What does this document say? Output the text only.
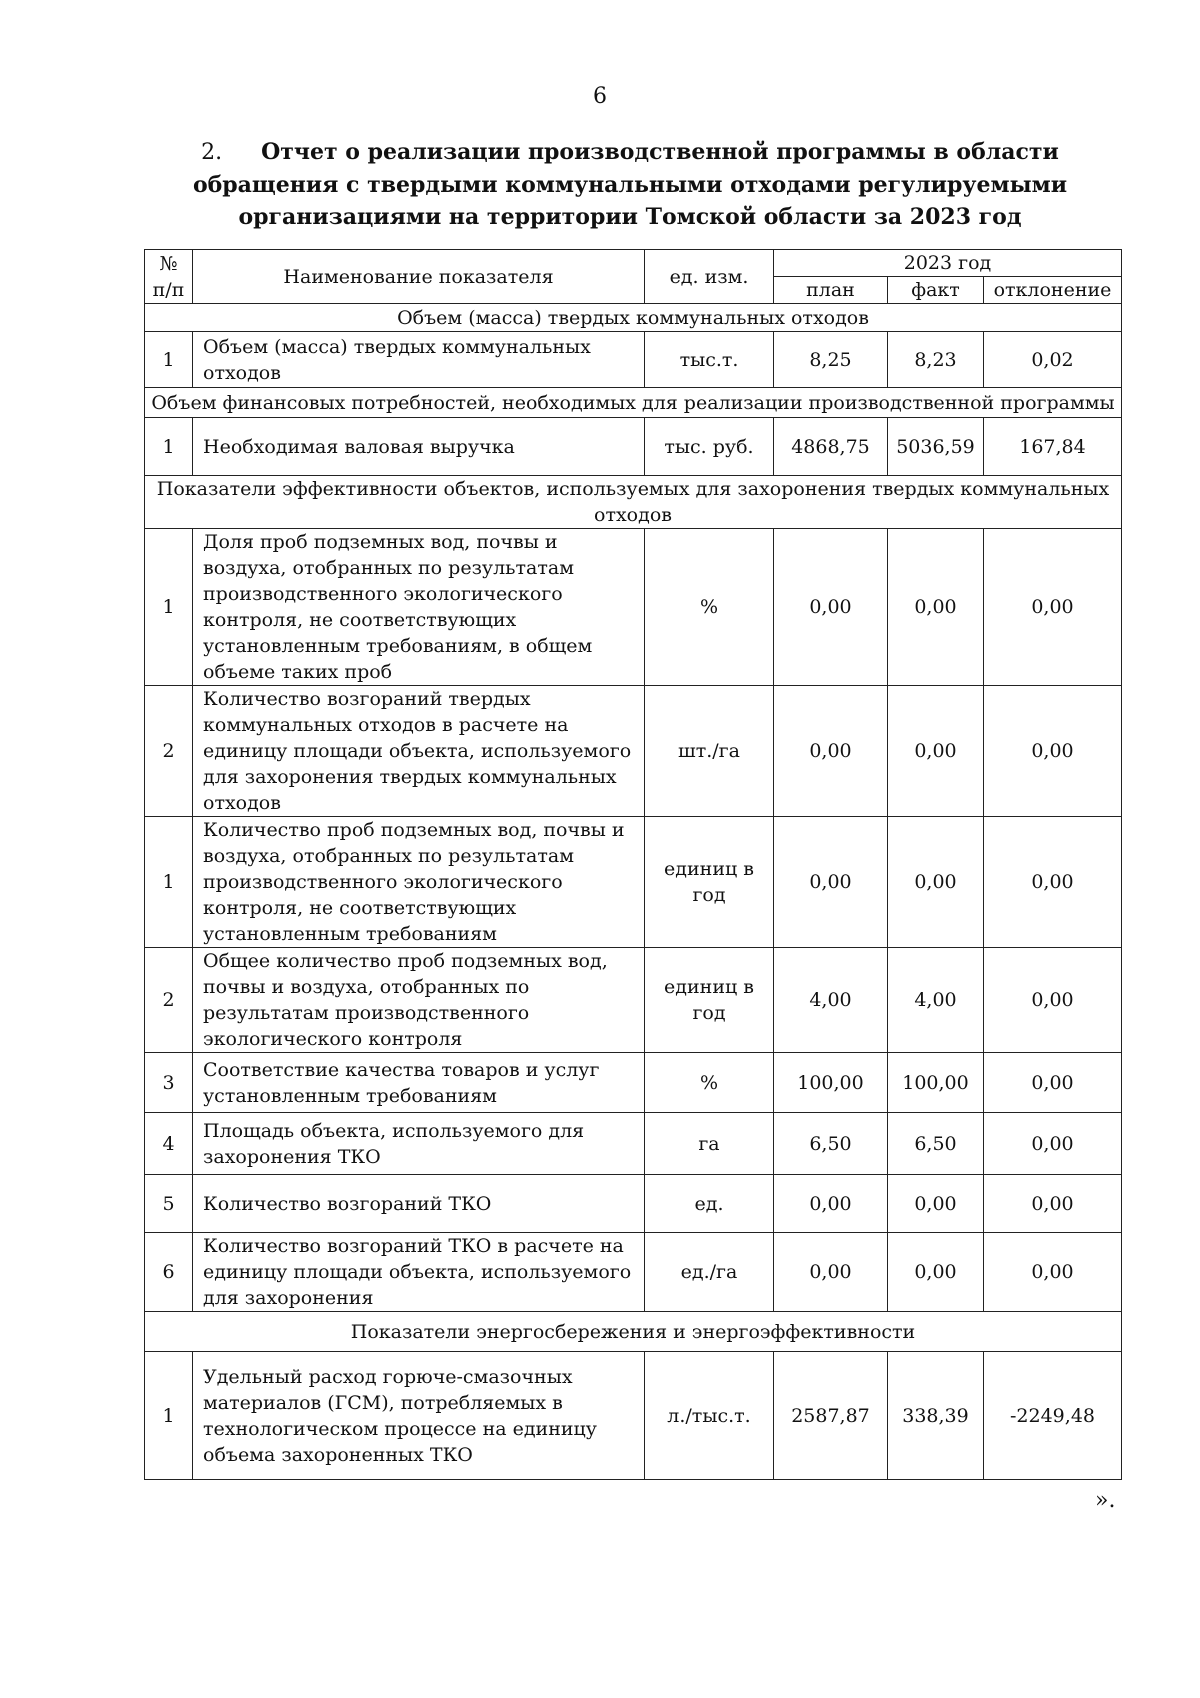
6
2. Отчет о реализации производственной программы в области обращения с твердыми коммунальными отходами регулируемыми организациями на территории Томской области за 2023 год
№ п/п	Наименование показателя	ед. изм.	2023 год		
			план	факт	отклонение
Объем (масса) твердых коммунальных отходов					
1	Объем (масса) твердых коммунальных отходов	тыс.т.	8,25	8,23	0,02
Объем финансовых потребностей, необходимых для реализации производственной программы					
1	Необходимая валовая выручка	тыс. руб.	4868,75	5036,59	167,84
Показатели эффективности объектов, используемых для захоронения твердых коммунальных отходов					
1	Доля проб подземных вод, почвы и воздуха, отобранных по результатам производственного экологического контроля, не соответствующих установленным требованиям, в общем объеме таких проб	%	0,00	0,00	0,00
2	Количество возгораний твердых коммунальных отходов в расчете на единицу площади объекта, используемого для захоронения твердых коммунальных отходов	шт./га	0,00	0,00	0,00
1	Количество проб подземных вод, почвы и воздуха, отобранных по результатам производственного экологического контроля, не соответствующих установленным требованиям	единиц в год	0,00	0,00	0,00
2	Общее количество проб подземных вод, почвы и воздуха, отобранных по результатам производственного экологического контроля	единиц в год	4,00	4,00	0,00
3	Соответствие качества товаров и услуг установленным требованиям	%	100,00	100,00	0,00
4	Площадь объекта, используемого для захоронения ТКО	га	6,50	6,50	0,00
5	Количество возгораний ТКО	ед.	0,00	0,00	0,00
6	Количество возгораний ТКО в расчете на единицу площади объекта, используемого для захоронения	ед./га	0,00	0,00	0,00
Показатели энергосбережения и энергоэффективности					
1	Удельный расход горюче-смазочных материалов (ГСМ), потребляемых в технологическом процессе на единицу объема захороненных ТКО	л./тыс.т.	2587,87	338,39	-2249,48
».
